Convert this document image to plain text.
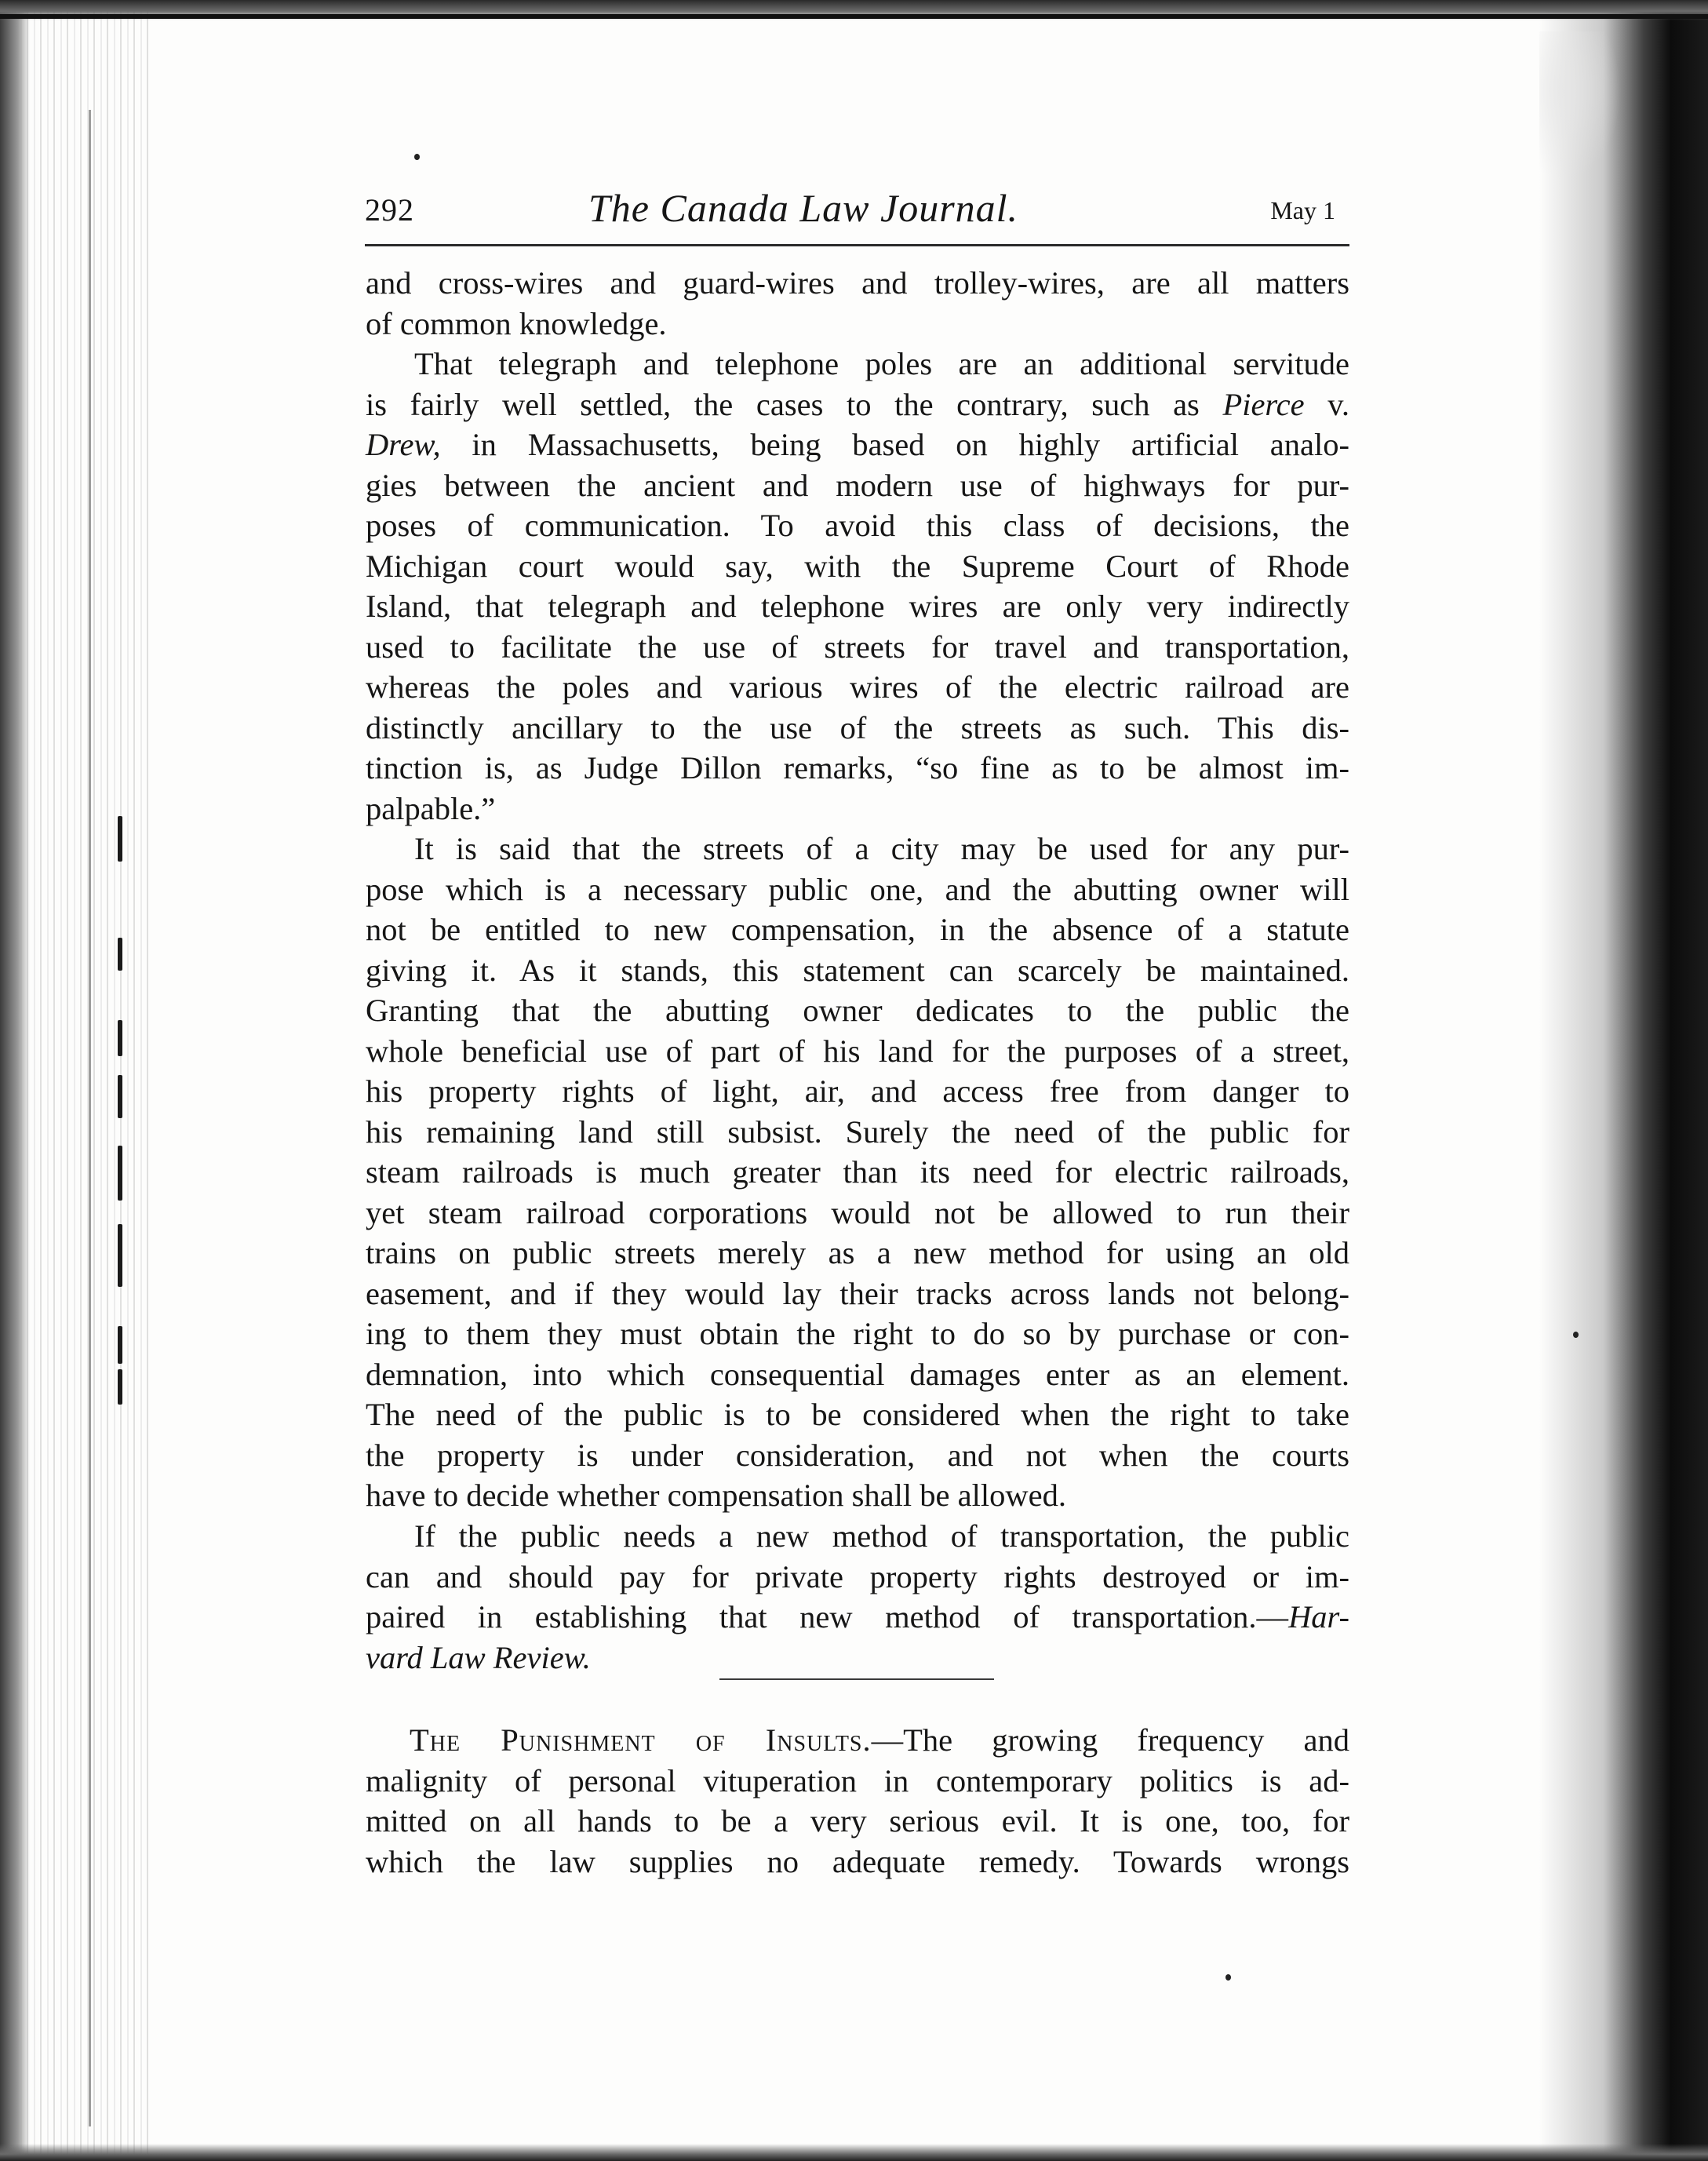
292	The Canada Law Journal.	May 1

and cross-wires and guard-wires and trolley-wires, are all matters

of common knowledge.

That telegraph and telephone poles are an additional servitude

is fairly well settled, the cases to the contrary, such as Pierce v.

Drew, in Massachusetts, being based on highly artificial analo-

gies between the ancient and modern use of highways for pur-

poses of communication. To avoid this class of decisions, the

Michigan court would say, with the Supreme Court of Rhode

Island, that telegraph and telephone wires are only very indirectly

used to facilitate the use of streets for travel and transportation,

whereas the poles and various wires of the electric railroad are

distinctly ancillary to the use of the streets as such. This dis-

tinction is, as Judge Dillon remarks, “so fine as to be almost im-

palpable.”

It is said that the streets of a city may be used for any pur-

pose which is a necessary public one, and the abutting owner will

not be entitled to new compensation, in the absence of a statute

giving it. As it stands, this statement can scarcely be maintained.

Granting that the abutting owner dedicates to the public the

whole beneficial use of part of his land for the purposes of a street,

his property rights of light, air, and access free from danger to

his remaining land still subsist. Surely the need of the public for

steam railroads is much greater than its need for electric railroads,

yet steam railroad corporations would not be allowed to run their

trains on public streets merely as a new method for using an old

easement, and if they would lay their tracks across lands not belong-

ing to them they must obtain the right to do so by purchase or con-

demnation, into which consequential damages enter as an element.

The need of the public is to be considered when the right to take

the property is under consideration, and not when the courts

have to decide whether compensation shall be allowed.

If the public needs a new method of transportation, the public

can and should pay for private property rights destroyed or im-

paired in establishing that new method of transportation.—Har-

vard Law Review.

The Punishment of Insults.—The growing frequency and

malignity of personal vituperation in contemporary politics is ad-

mitted on all hands to be a very serious evil. It is one, too, for

which the law supplies no adequate remedy. Towards wrongs
